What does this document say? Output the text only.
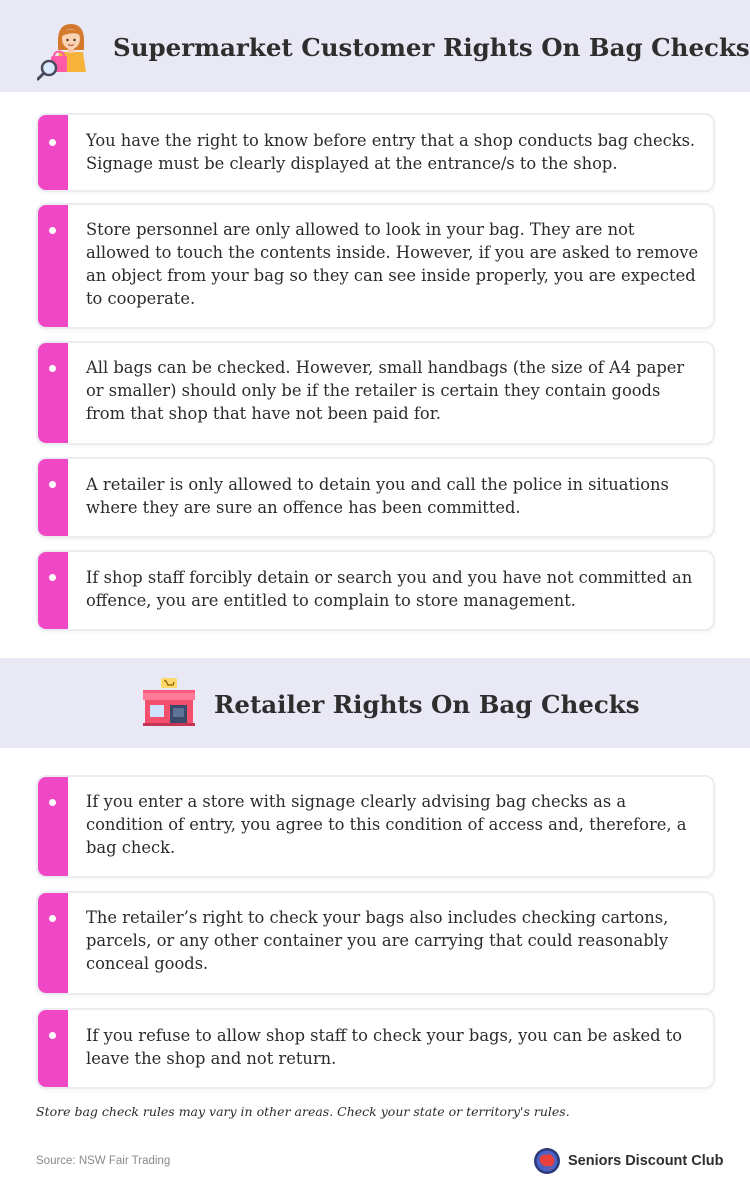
Supermarket Customer Rights On Bag Checks
You have the right to know before entry that a shop conducts bag checks. Signage must be clearly displayed at the entrance/s to the shop.
Store personnel are only allowed to look in your bag. They are not allowed to touch the contents inside. However, if you are asked to remove an object from your bag so they can see inside properly, you are expected to cooperate.
All bags can be checked. However, small handbags (the size of A4 paper or smaller) should only be if the retailer is certain they contain goods from that shop that have not been paid for.
A retailer is only allowed to detain you and call the police in situations where they are sure an offence has been committed.
If shop staff forcibly detain or search you and you have not committed an offence, you are entitled to complain to store management.
Retailer Rights On Bag Checks
If you enter a store with signage clearly advising bag checks as a condition of entry, you agree to this condition of access and, therefore, a bag check.
The retailer’s right to check your bags also includes checking cartons, parcels, or any other container you are carrying that could reasonably conceal goods.
If you refuse to allow shop staff to check your bags, you can be asked to leave the shop and not return.
Store bag check rules may vary in other areas. Check your state or territory's rules.
Source: NSW Fair Trading	Seniors Discount Club
